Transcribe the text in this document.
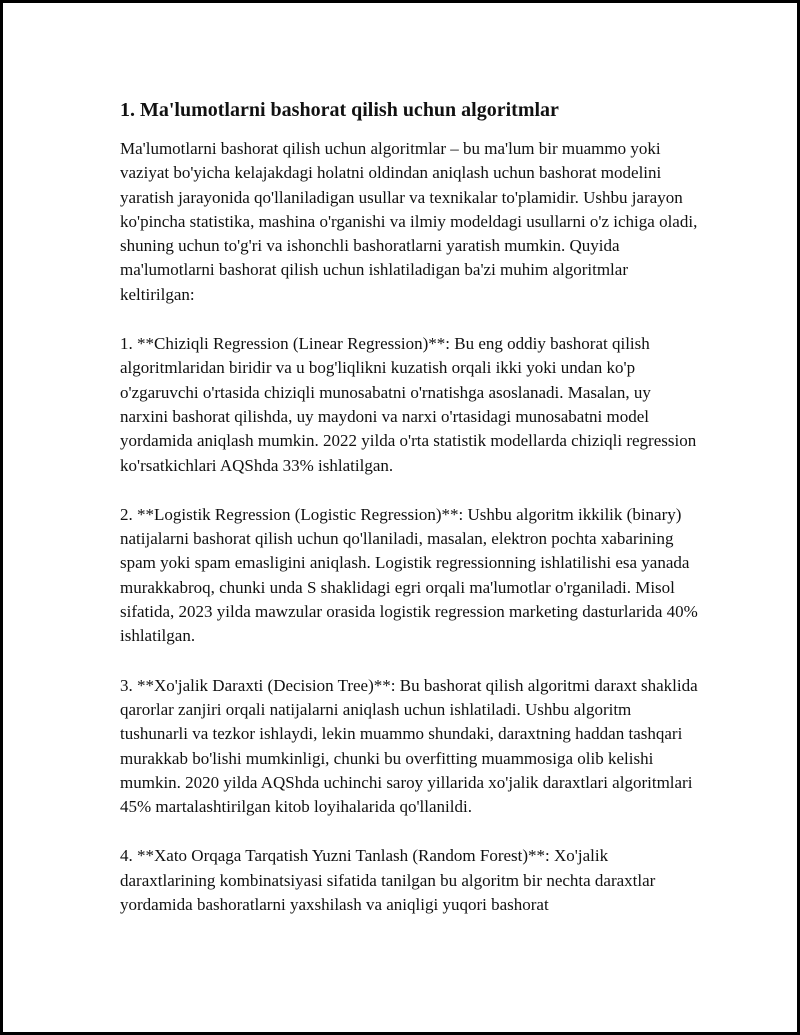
1. Ma'lumotlarni bashorat qilish uchun algoritmlar

Ma'lumotlarni bashorat qilish uchun algoritmlar – bu ma'lum bir muammo yoki vaziyat bo'yicha kelajakdagi holatni oldindan aniqlash uchun bashorat modelini yaratish jarayonida qo'llaniladigan usullar va texnikalar to'plamidir. Ushbu jarayon ko'pincha statistika, mashina o'rganishi va ilmiy modeldagi usullarni o'z ichiga oladi, shuning uchun to'g'ri va ishonchli bashoratlarni yaratish mumkin. Quyida ma'lumotlarni bashorat qilish uchun ishlatiladigan ba'zi muhim algoritmlar keltirilgan:

1. **Chiziqli Regression (Linear Regression)**: Bu eng oddiy bashorat qilish algoritmlaridan biridir va u bog'liqlikni kuzatish orqali ikki yoki undan ko'p o'zgaruvchi o'rtasida chiziqli munosabatni o'rnatishga asoslanadi. Masalan, uy narxini bashorat qilishda, uy maydoni va narxi o'rtasidagi munosabatni model yordamida aniqlash mumkin. 2022 yilda o'rta statistik modellarda chiziqli regression ko'rsatkichlari AQShda 33% ishlatilgan.

2. **Logistik Regression (Logistic Regression)**: Ushbu algoritm ikkilik (binary) natijalarni bashorat qilish uchun qo'llaniladi, masalan, elektron pochta xabarining spam yoki spam emasligini aniqlash. Logistik regressionning ishlatilishi esa yanada murakkabroq, chunki unda S shaklidagi egri orqali ma'lumotlar o'rganiladi. Misol sifatida, 2023 yilda mawzular orasida logistik regression marketing dasturlarida 40% ishlatilgan.

3. **Xo'jalik Daraxti (Decision Tree)**: Bu bashorat qilish algoritmi daraxt shaklida qarorlar zanjiri orqali natijalarni aniqlash uchun ishlatiladi. Ushbu algoritm tushunarli va tezkor ishlaydi, lekin muammo shundaki, daraxtning haddan tashqari murakkab bo'lishi mumkinligi, chunki bu overfitting muammosiga olib kelishi mumkin. 2020 yilda AQShda uchinchi saroy yillarida xo'jalik daraxtlari algoritmlari 45% martalashtirilgan kitob loyihalarida qo'llanildi.

4. **Xato Orqaga Tarqatish Yuzni Tanlash (Random Forest)**: Xo'jalik daraxtlarining kombinatsiyasi sifatida tanilgan bu algoritm bir nechta daraxtlar yordamida bashoratlarni yaxshilash va aniqligi yuqori bashorat
